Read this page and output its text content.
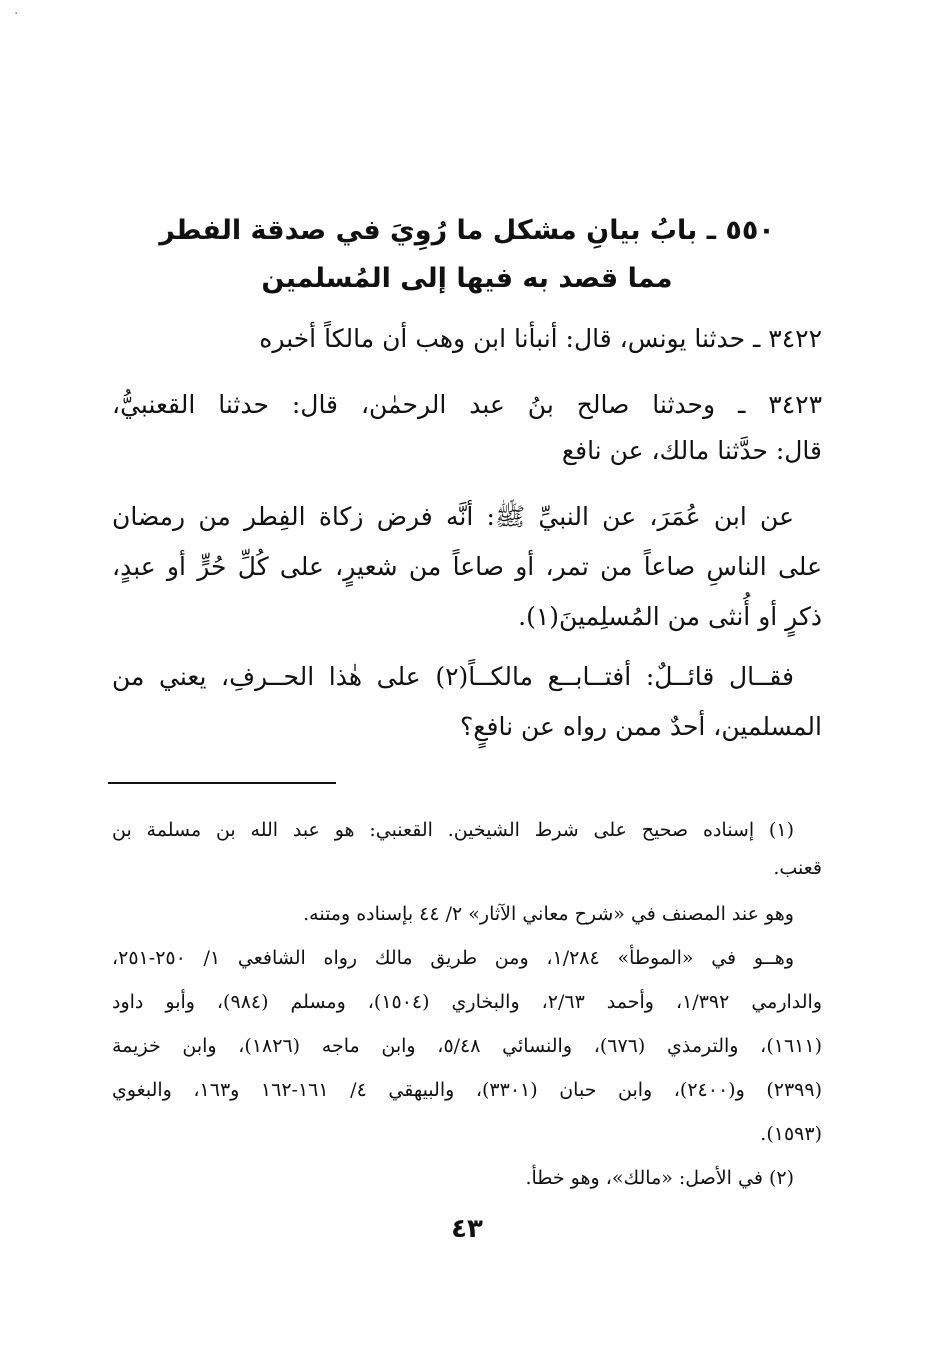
·
٥٥٠ ـ بابُ بيانِ مشكل ما رُوِيَ في صدقة الفطر
مما قصد به فيها إلى المُسلمين
٣٤٢٢ ـ حدثنا يونس، قال: أنبأنا ابن وهب أن مالكاً أخبره
٣٤٢٣ ـ وحدثنا صالح بنُ عبد الرحمٰن، قال: حدثنا القعنبيُّ،
قال: حدَّثنا مالك، عن نافع
عن ابن عُمَرَ، عن النبيِّ ﷺ: أنَّه فرض زكاة الفِطر من رمضان
على الناسِ صاعاً من تمر، أو صاعاً من شعيرٍ، على كُلِّ حُرٍّ أو عبدٍ،
ذكرٍ أو أُنثى من المُسلِمينَ(١).
فقــال قائــلٌ: أفتــابــع مالكــاً(٢) على هٰذا الحــرفِ، يعني من
المسلمين، أحدٌ ممن رواه عن نافعٍ؟
(١) إسناده صحيح على شرط الشيخين. القعنبي: هو عبد الله بن مسلمة بن
قعنب.
وهو عند المصنف في «شرح معاني الآثار» ٢/ ٤٤ بإسناده ومتنه.
وهــو في «الموطأ» ١/٢٨٤، ومن طريق مالك رواه الشافعي ١/ ٢٥٠-٢٥١،
والدارمي ١/٣٩٢، وأحمد ٢/٦٣، والبخاري (١٥٠٤)، ومسلم (٩٨٤)، وأبو داود
(١٦١١)، والترمذي (٦٧٦)، والنسائي ٥/٤٨، وابن ماجه (١٨٢٦)، وابن خزيمة
(٢٣٩٩) و(٢٤٠٠)، وابن حبان (٣٣٠١)، والبيهقي ٤/ ١٦١-١٦٢ و١٦٣، والبغوي
(١٥٩٣).
(٢) في الأصل: «مالك»، وهو خطأ.
٤٣
